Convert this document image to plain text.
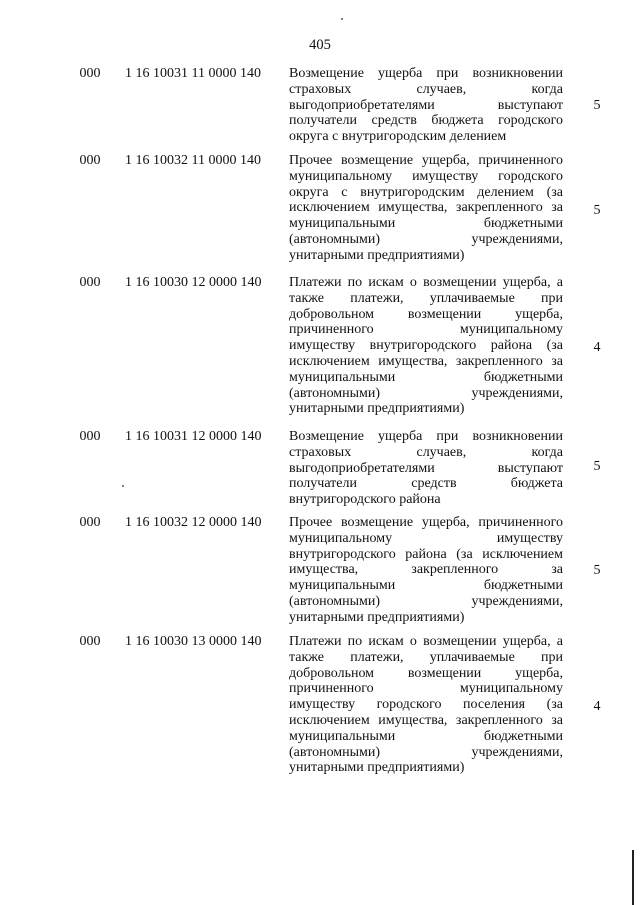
405
000	1 16 10031 11 0000 140	Возмещение ущерба при возникновении
страховых случаев, когда
выгодоприобретателями выступают
получатели средств бюджета городского
округа с внутригородским делением
5
000	1 16 10032 11 0000 140	Прочее возмещение ущерба, причиненного
муниципальному имуществу городского
округа с внутригородским делением (за
исключением имущества, закрепленного за
муниципальными бюджетными
(автономными) учреждениями,
унитарными предприятиями)
5
000	1 16 10030 12 0000 140	Платежи по искам о возмещении ущерба, а
также платежи, уплачиваемые при
добровольном возмещении ущерба,
причиненного муниципальному
имуществу внутригородского района (за
исключением имущества, закрепленного за
муниципальными бюджетными
(автономными) учреждениями,
унитарными предприятиями)
4
000	1 16 10031 12 0000 140	Возмещение ущерба при возникновении
страховых случаев, когда
выгодоприобретателями выступают
получатели средств бюджета
внутригородского района
5
000	1 16 10032 12 0000 140	Прочее возмещение ущерба, причиненного
муниципальному имуществу
внутригородского района (за исключением
имущества, закрепленного за
муниципальными бюджетными
(автономными) учреждениями,
унитарными предприятиями)
5
000	1 16 10030 13 0000 140	Платежи по искам о возмещении ущерба, а
также платежи, уплачиваемые при
добровольном возмещении ущерба,
причиненного муниципальному
имуществу городского поселения (за
исключением имущества, закрепленного за
муниципальными бюджетными
(автономными) учреждениями,
унитарными предприятиями)
4
